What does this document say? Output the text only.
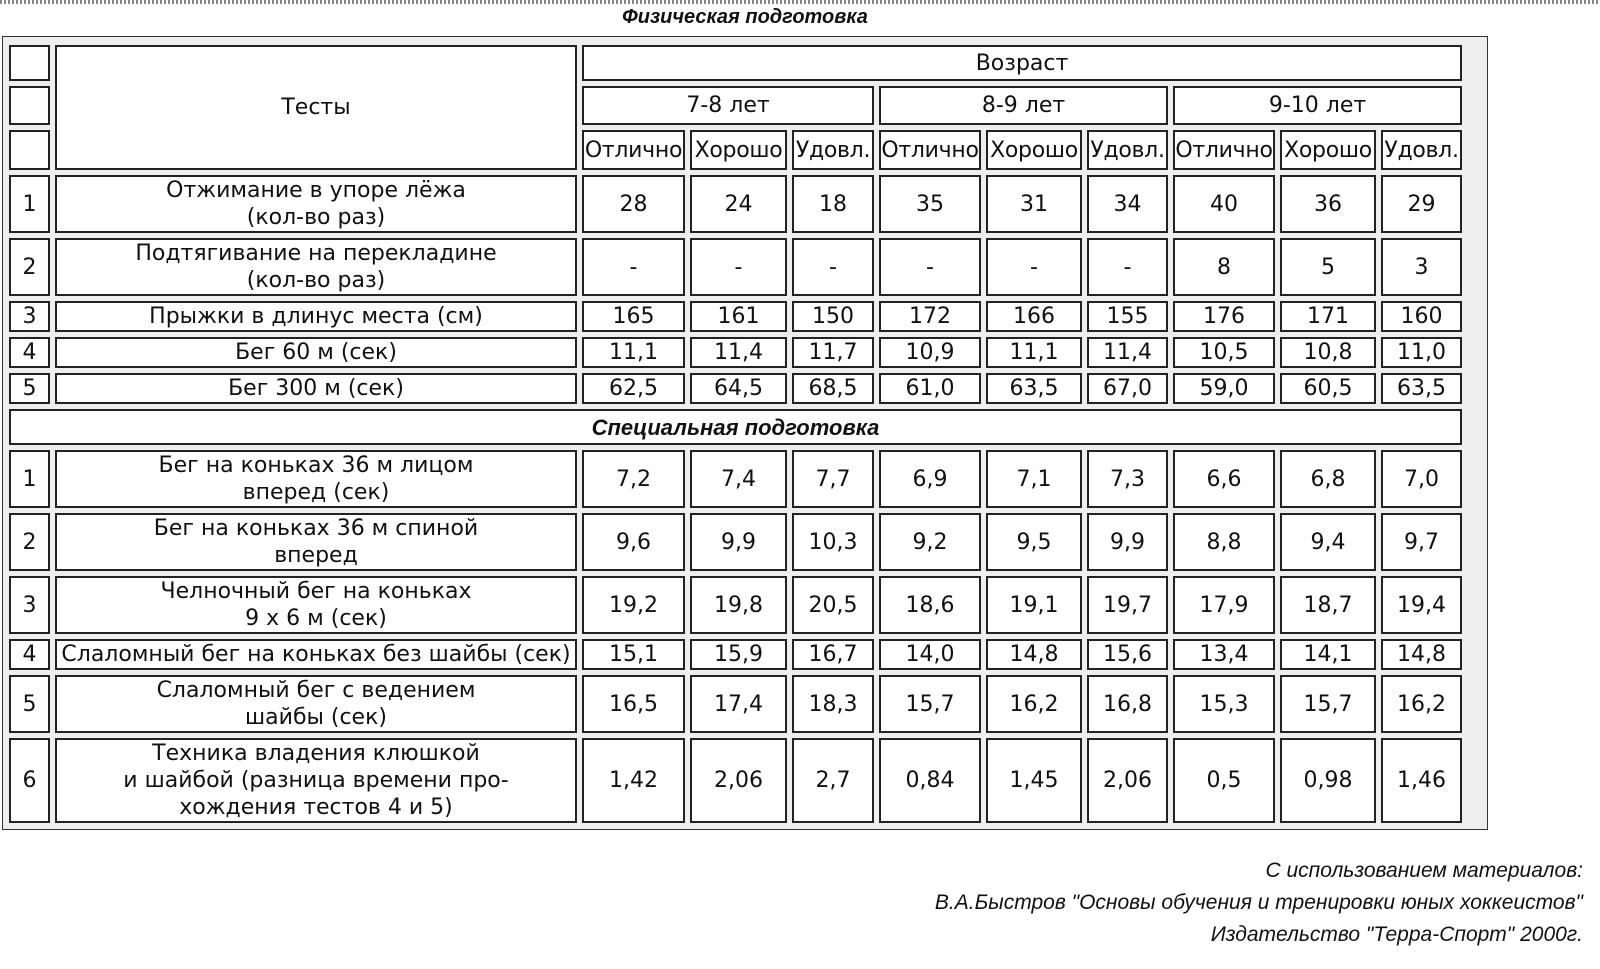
Физическая подготовка
	Тесты	Возраст								
		7-8 лет			8-9 лет			9-10 лет		
		Отлично	Хорошо	Удовл.	Отлично	Хорошо	Удовл.	Отлично	Хорошо	Удовл.
1	Отжимание в упоре лёжа
(кол-во раз)	28	24	18	35	31	34	40	36	29
2	Подтягивание на перекладине
(кол-во раз)	-	-	-	-	-	-	8	5	3
3	Прыжки в длинус места (см)	165	161	150	172	166	155	176	171	160
4	Бег 60 м (сек)	11,1	11,4	11,7	10,9	11,1	11,4	10,5	10,8	11,0
5	Бег 300 м (сек)	62,5	64,5	68,5	61,0	63,5	67,0	59,0	60,5	63,5
Специальная подготовка										
1	Бег на коньках 36 м лицом
вперед (сек)	7,2	7,4	7,7	6,9	7,1	7,3	6,6	6,8	7,0
2	Бег на коньках 36 м спиной
вперед	9,6	9,9	10,3	9,2	9,5	9,9	8,8	9,4	9,7
3	Челночный бег на коньках
9 х 6 м (сек)	19,2	19,8	20,5	18,6	19,1	19,7	17,9	18,7	19,4
4	Слаломный бег на коньках без шайбы (сек)	15,1	15,9	16,7	14,0	14,8	15,6	13,4	14,1	14,8
5	Слаломный бег с ведением
шайбы (сек)	16,5	17,4	18,3	15,7	16,2	16,8	15,3	15,7	16,2
6	Техника владения клюшкой
и шайбой (разница времени про-
хождения тестов 4 и 5)	1,42	2,06	2,7	0,84	1,45	2,06	0,5	0,98	1,46
С использованием материалов:
В.А.Быстров "Основы обучения и тренировки юных хоккеистов"
Издательство "Терра-Спорт" 2000г.
